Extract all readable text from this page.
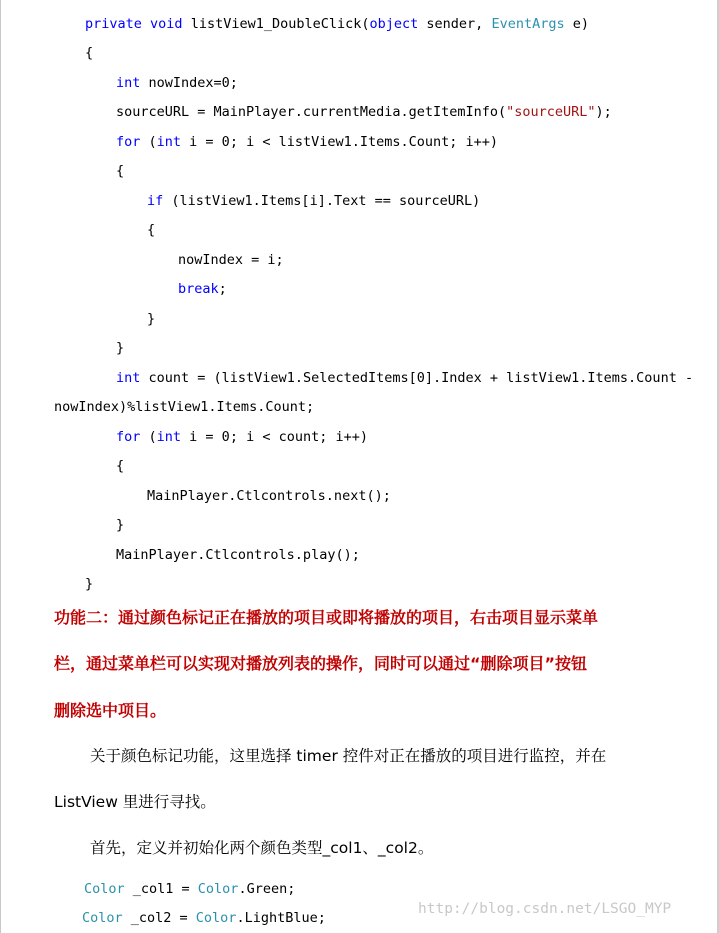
private void listView1_DoubleClick(object sender, EventArgs e)
{
int nowIndex=0;
sourceURL = MainPlayer.currentMedia.getItemInfo("sourceURL");
for (int i = 0; i < listView1.Items.Count; i++)
{
if (listView1.Items[i].Text == sourceURL)
{
nowIndex = i;
break;
}
}
int count = (listView1.SelectedItems[0].Index + listView1.Items.Count -
nowIndex)%listView1.Items.Count;
for (int i = 0; i < count; i++)
{
MainPlayer.Ctlcontrols.next();
}
MainPlayer.Ctlcontrols.play();
}
功能二：通过颜色标记正在播放的项目或即将播放的项目，右击项目显示菜单
栏，通过菜单栏可以实现对播放列表的操作，同时可以通过“删除项目”按钮
删除选中项目。
关于颜色标记功能，这里选择 timer 控件对正在播放的项目进行监控，并在
ListView 里进行寻找。
首先，定义并初始化两个颜色类型_col1、_col2。
Color _col1 = Color.Green;
Color _col2 = Color.LightBlue;
http://blog.csdn.net/LSGO_MYP
